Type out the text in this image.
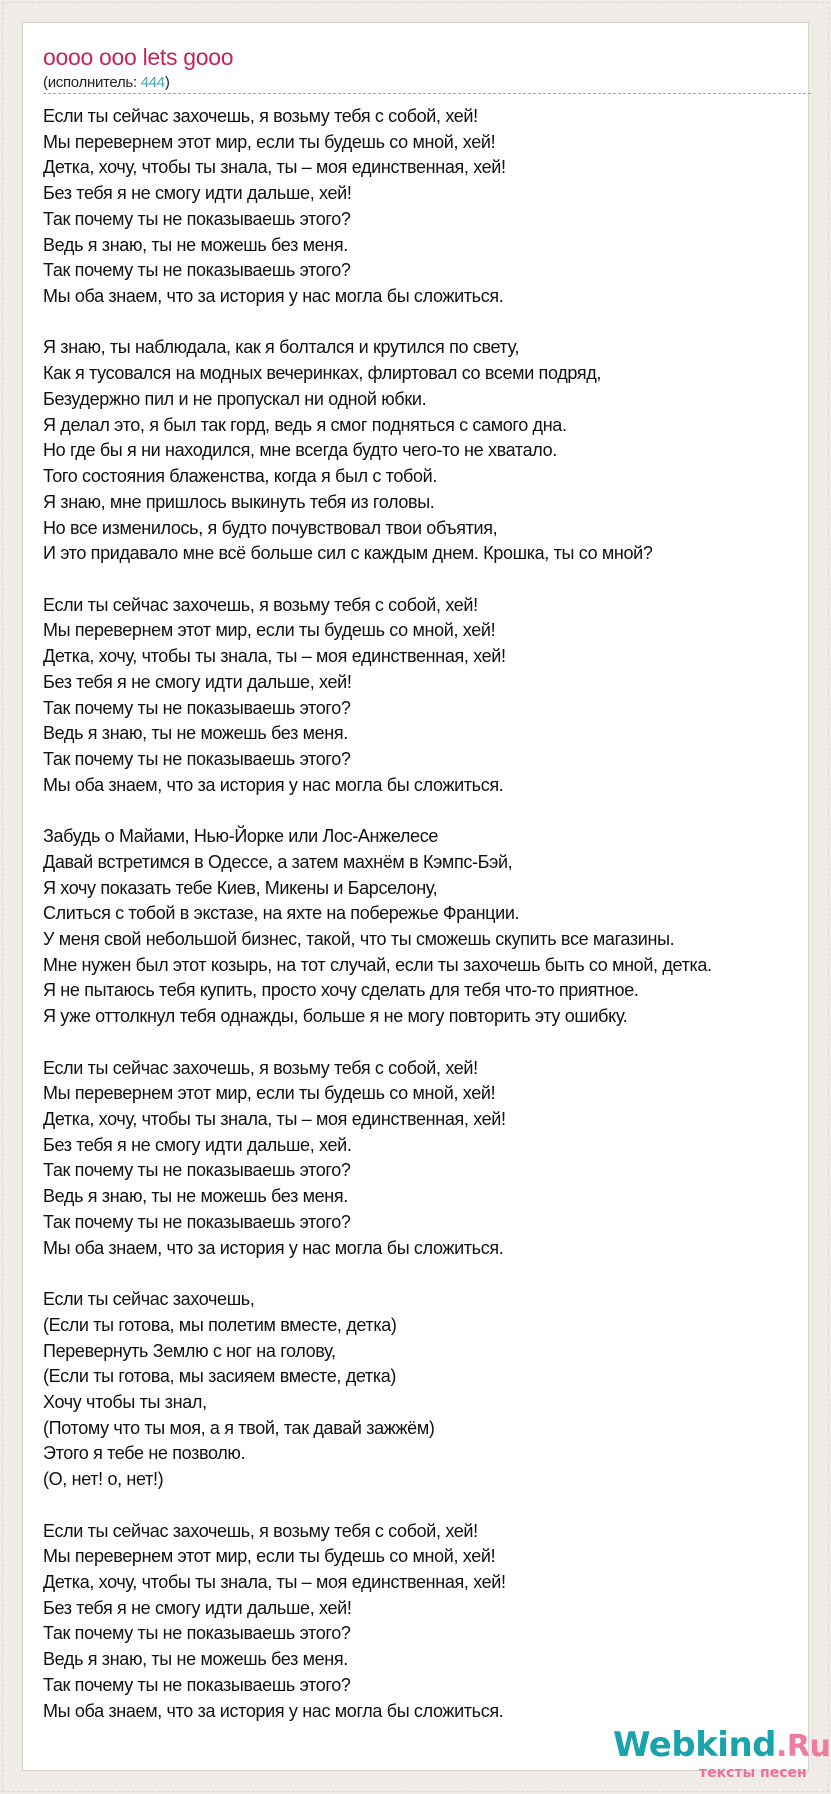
oooo ooo lets gooo
(исполнитель: 444)
Если ты сейчас захочешь, я возьму тебя с собой, хей!
Мы перевернем этот мир, если ты будешь со мной, хей!
Детка, хочу, чтобы ты знала, ты – моя единственная, хей!
Без тебя я не смогу идти дальше, хей!
Так почему ты не показываешь этого?
Ведь я знаю, ты не можешь без меня.
Так почему ты не показываешь этого?
Мы оба знаем, что за история у нас могла бы сложиться.
Я знаю, ты наблюдала, как я болтался и крутился по свету,
Как я тусовался на модных вечеринках, флиртовал со всеми подряд,
Безудержно пил и не пропускал ни одной юбки.
Я делал это, я был так горд, ведь я смог подняться с самого дна.
Но где бы я ни находился, мне всегда будто чего-то не хватало.
Того состояния блаженства, когда я был с тобой.
Я знаю, мне пришлось выкинуть тебя из головы.
Но все изменилось, я будто почувствовал твои объятия,
И это придавало мне всё больше сил с каждым днем. Крошка, ты со мной?
Если ты сейчас захочешь, я возьму тебя с собой, хей!
Мы перевернем этот мир, если ты будешь со мной, хей!
Детка, хочу, чтобы ты знала, ты – моя единственная, хей!
Без тебя я не смогу идти дальше, хей!
Так почему ты не показываешь этого?
Ведь я знаю, ты не можешь без меня.
Так почему ты не показываешь этого?
Мы оба знаем, что за история у нас могла бы сложиться.
Забудь о Майами, Нью-Йорке или Лос-Анжелесе
Давай встретимся в Одессе, а затем махнём в Кэмпс-Бэй,
Я хочу показать тебе Киев, Микены и Барселону,
Слиться с тобой в экстазе, на яхте на побережье Франции.
У меня свой небольшой бизнес, такой, что ты сможешь скупить все магазины.
Мне нужен был этот козырь, на тот случай, если ты захочешь быть со мной, детка.
Я не пытаюсь тебя купить, просто хочу сделать для тебя что-то приятное.
Я уже оттолкнул тебя однажды, больше я не могу повторить эту ошибку.
Если ты сейчас захочешь, я возьму тебя с собой, хей!
Мы перевернем этот мир, если ты будешь со мной, хей!
Детка, хочу, чтобы ты знала, ты – моя единственная, хей!
Без тебя я не смогу идти дальше, хей.
Так почему ты не показываешь этого?
Ведь я знаю, ты не можешь без меня.
Так почему ты не показываешь этого?
Мы оба знаем, что за история у нас могла бы сложиться.
Если ты сейчас захочешь,
(Если ты готова, мы полетим вместе, детка)
Перевернуть Землю с ног на голову,
(Если ты готова, мы засияем вместе, детка)
Хочу чтобы ты знал,
(Потому что ты моя, а я твой, так давай зажжём)
Этого я тебе не позволю.
(О, нет! о, нет!)
Если ты сейчас захочешь, я возьму тебя с собой, хей!
Мы перевернем этот мир, если ты будешь со мной, хей!
Детка, хочу, чтобы ты знала, ты – моя единственная, хей!
Без тебя я не смогу идти дальше, хей!
Так почему ты не показываешь этого?
Ведь я знаю, ты не можешь без меня.
Так почему ты не показываешь этого?
Мы оба знаем, что за история у нас могла бы сложиться.
Webkind.Ru
тексты песен
